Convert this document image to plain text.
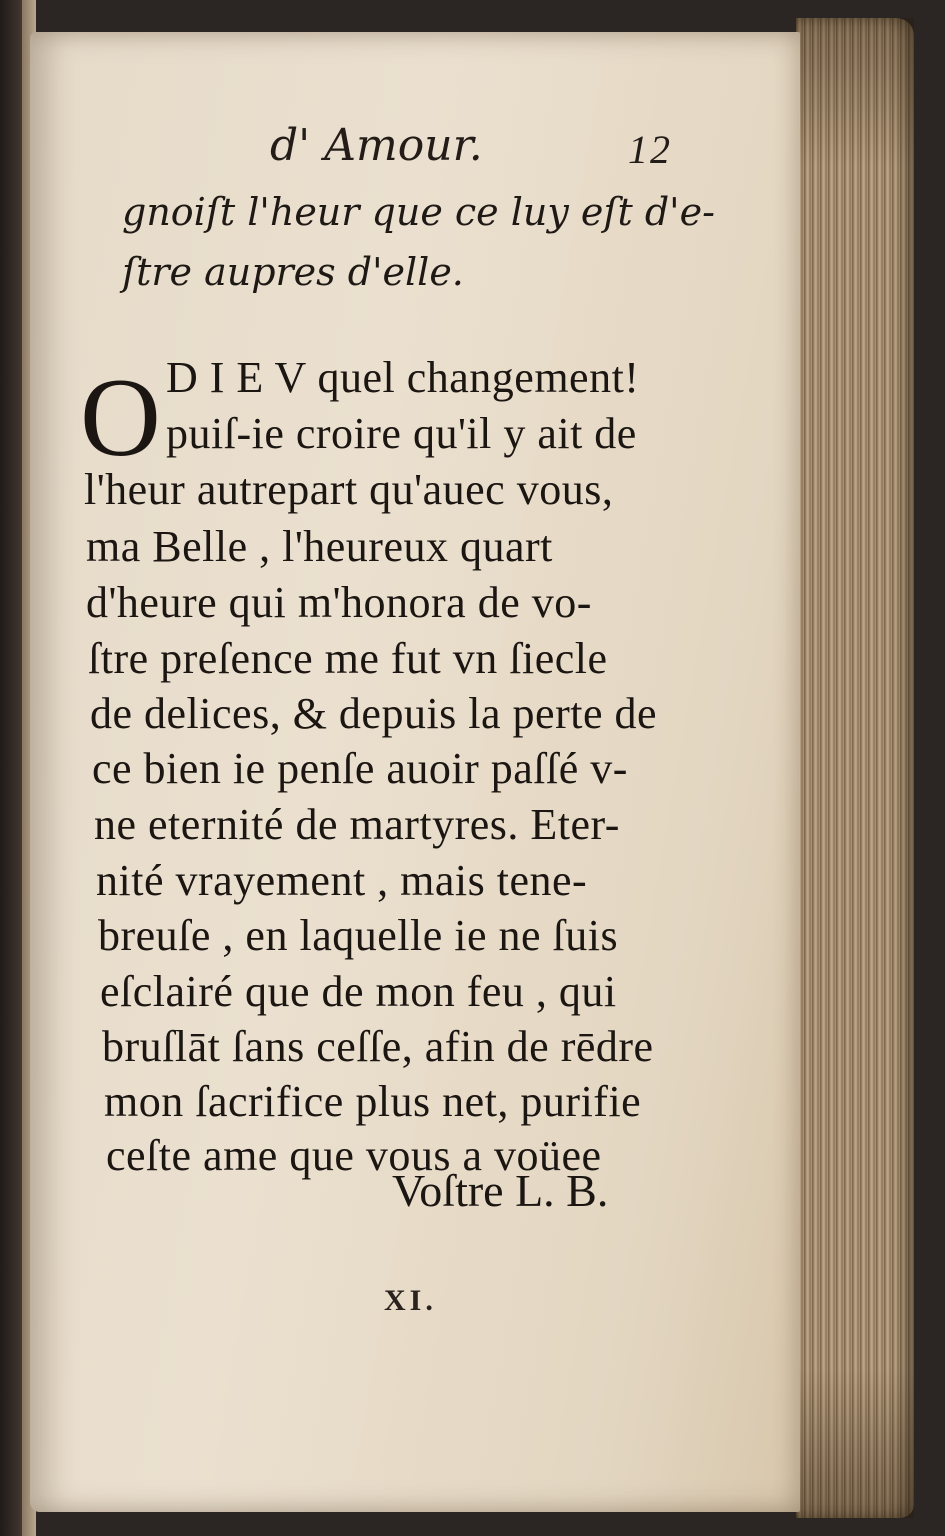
d' Amour.	12
gnoiſt l'heur que ce luy eſt d'e-
ſtre aupres d'elle.
O D I E V quel changement!
puiſ-ie croire qu'il y ait de
l'heur autrepart qu'auec vous,
ma Belle , l'heureux quart
d'heure qui m'honora de vo-
ſtre preſence me fut vn ſiecle
de delices, & depuis la perte de
ce bien ie penſe auoir paſſé v-
ne eternité de martyres. Eter-
nité vrayement , mais tene-
breuſe , en laquelle ie ne ſuis
eſclairé que de mon feu , qui
bruſlāt ſans ceſſe, afin de rēdre
mon ſacrifice plus net, purifie
ceſte ame que vous a voüee
Voſtre L. B.
XI.
